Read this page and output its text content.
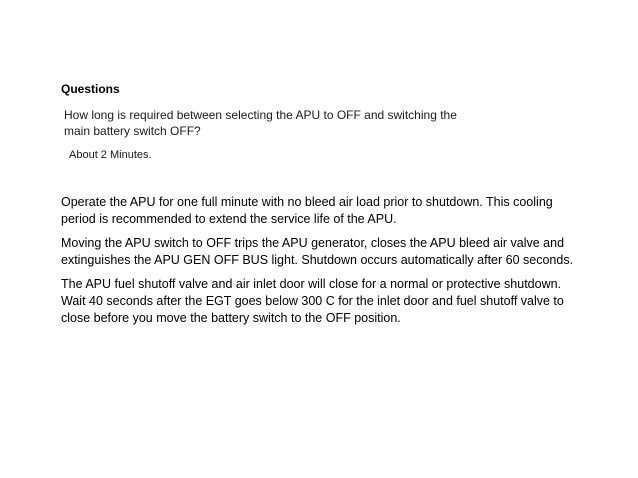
Questions
How long is required between selecting the APU to OFF and switching the
main battery switch OFF?
About 2 Minutes.
Operate the APU for one full minute with no bleed air load prior to shutdown. This cooling
period is recommended to extend the service life of the APU.
Moving the APU switch to OFF trips the APU generator, closes the APU bleed air valve and
extinguishes the APU GEN OFF BUS light. Shutdown occurs automatically after 60 seconds.
The APU fuel shutoff valve and air inlet door will close for a normal or protective shutdown.
Wait 40 seconds after the EGT goes below 300 C for the inlet door and fuel shutoff valve to
close before you move the battery switch to the OFF position.
